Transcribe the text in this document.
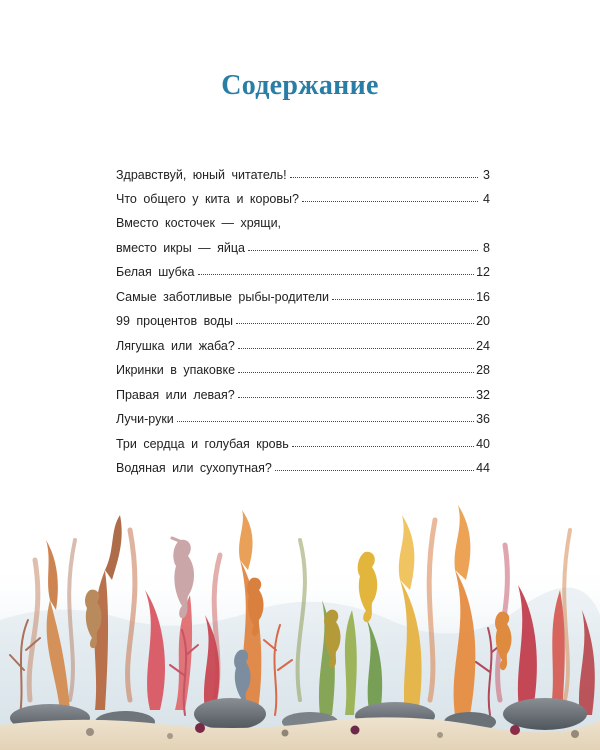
Содержание
Здравствуй, юный читатель!	3
Что общего у кита и коровы?	4
Вместо косточек — хрящи,
вместо икры — яйца	8
Белая шубка	12
Самые заботливые рыбы-родители	16
99 процентов воды	20
Лягушка или жаба?	24
Икринки в упаковке	28
Правая или левая?	32
Лучи-руки	36
Три сердца и голубая кровь	40
Водяная или сухопутная?	44
